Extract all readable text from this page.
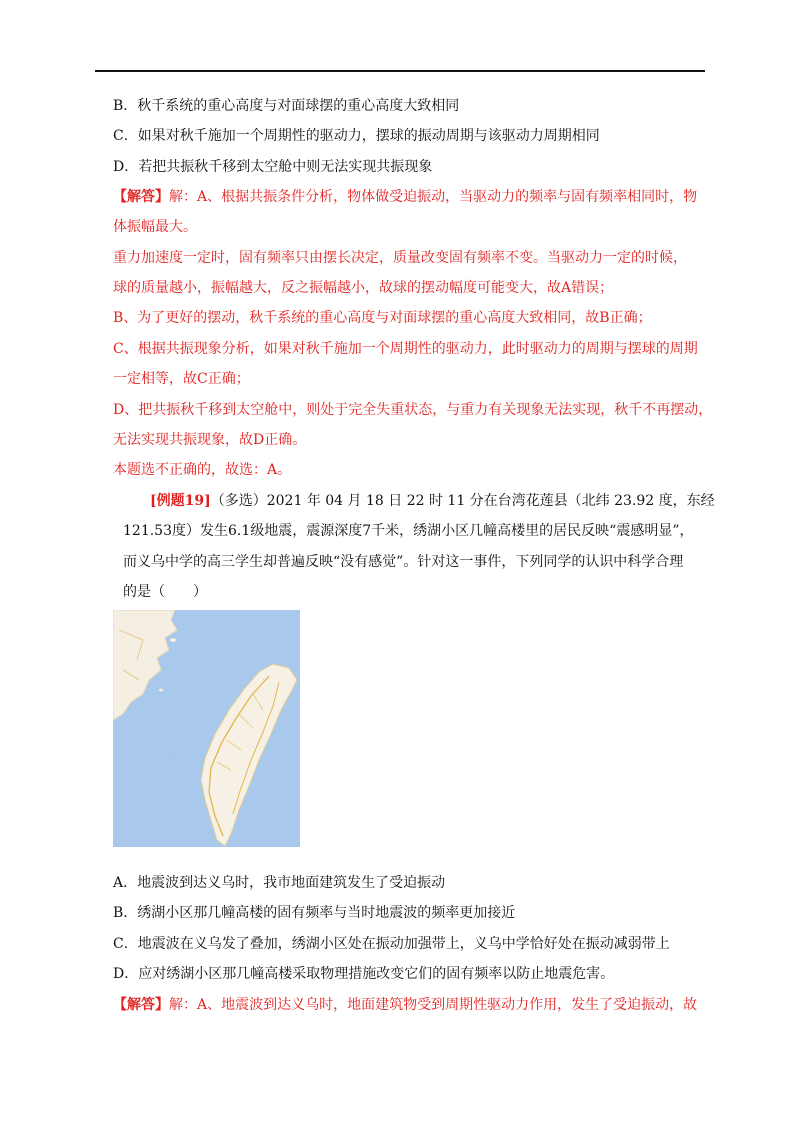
B．秋千系统的重心高度与对面球摆的重心高度大致相同
C．如果对秋千施加一个周期性的驱动力，摆球的振动周期与该驱动力周期相同
D．若把共振秋千移到太空舱中则无法实现共振现象
【解答】解：A、根据共振条件分析，物体做受迫振动，当驱动力的频率与固有频率相同时，物
体振幅最大。
重力加速度一定时，固有频率只由摆长决定，质量改变固有频率不变。当驱动力一定的时候，
球的质量越小，振幅越大，反之振幅越小，故球的摆动幅度可能变大，故A错误；
B、为了更好的摆动，秋千系统的重心高度与对面球摆的重心高度大致相同，故B正确；
C、根据共振现象分析，如果对秋千施加一个周期性的驱动力，此时驱动力的周期与摆球的周期
一定相等，故C正确；
D、把共振秋千移到太空舱中，则处于完全失重状态，与重力有关现象无法实现，秋千不再摆动，
无法实现共振现象，故D正确。
本题选不正确的，故选：A。
[例题19]（多选）2021 年 04 月 18 日 22 时 11 分在台湾花莲县（北纬 23.92 度，东经
121.53度）发生6.1级地震，震源深度7千米，绣湖小区几幢高楼里的居民反映“震感明显”，
而义乌中学的高三学生却普遍反映“没有感觉”。针对这一事件，下列同学的认识中科学合理
的是（　　）
.
.
A．地震波到达义乌时，我市地面建筑发生了受迫振动
B．绣湖小区那几幢高楼的固有频率与当时地震波的频率更加接近
C．地震波在义乌发了叠加，绣湖小区处在振动加强带上，义乌中学恰好处在振动减弱带上
D．应对绣湖小区那几幢高楼采取物理措施改变它们的固有频率以防止地震危害。
【解答】解：A、地震波到达义乌时，地面建筑物受到周期性驱动力作用，发生了受迫振动，故
